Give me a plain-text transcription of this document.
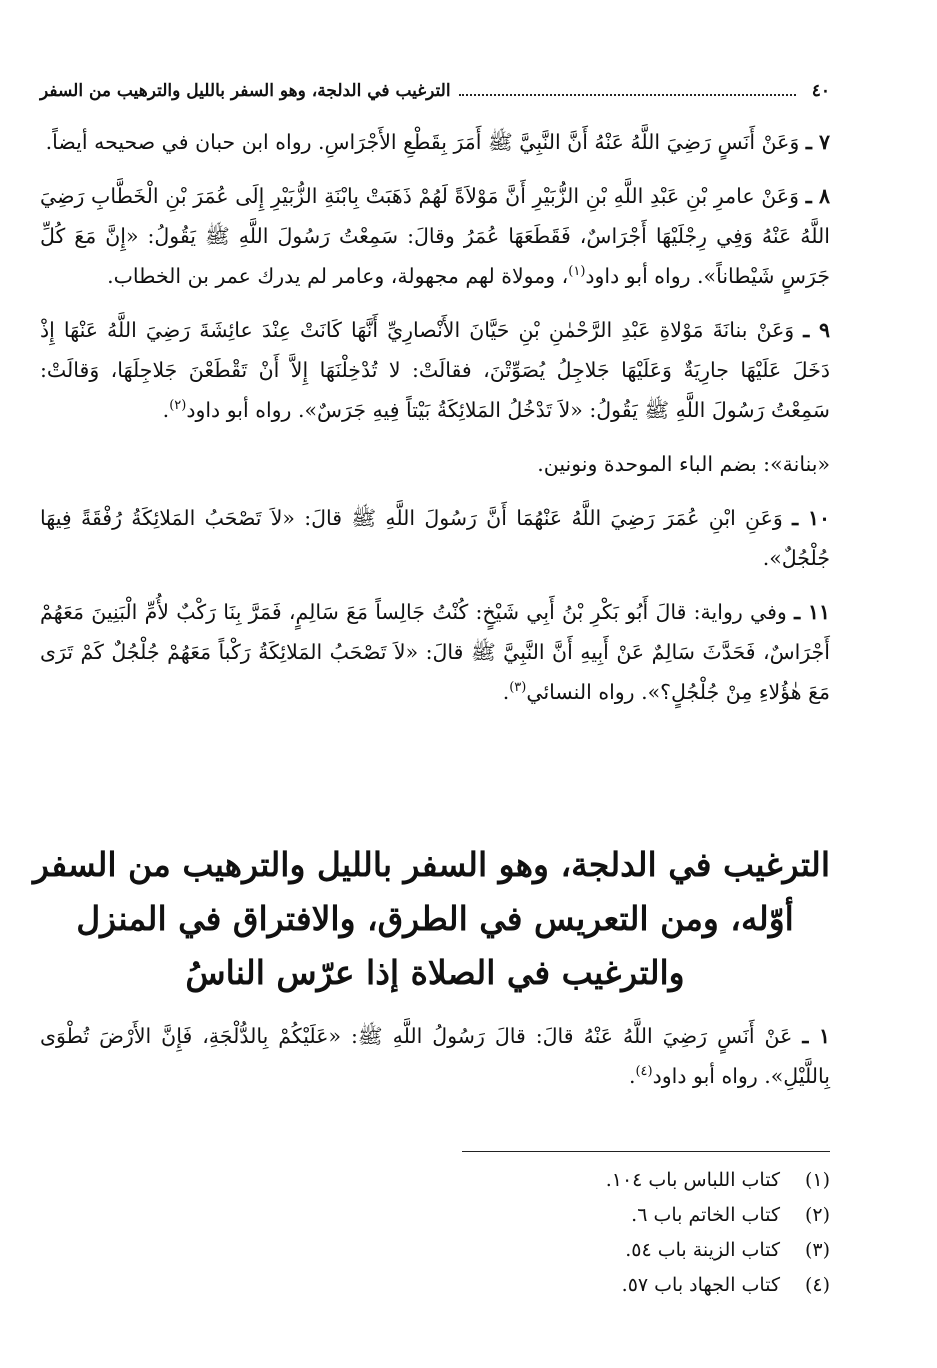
٤٠
الترغيب في الدلجة، وهو السفر بالليل والترهيب من السفر

٧ ـ وَعَنْ أَنَسٍ رَضِيَ اللَّهُ عَنْهُ أَنَّ النَّبِيَّ ﷺ أَمَرَ بِقَطْعِ الأَجْرَاسِ. رواه ابن حبان في صحيحه أيضاً.

٨ ـ وَعَنْ عامرِ بْنِ عَبْدِ اللَّهِ بْنِ الزُّبَيْرِ أَنَّ مَوْلاَةً لَهُمْ ذَهَبَتْ بِابْنَةِ الزُّبَيْرِ إِلَى عُمَرَ بْنِ الْخَطَّابِ رَضِيَ اللَّهُ عَنْهُ وَفِي رِجْلَيْهَا أَجْرَاسٌ، فَقَطَعَهَا عُمَرُ وقالَ: سَمِعْتُ رَسُولَ اللَّهِ ﷺ يَقُولُ: «إِنَّ مَعَ كُلِّ جَرَسٍ شَيْطاناً». رواه أبو داود$^{(١)}$، ومولاة لهم مجهولة، وعامر لم يدرك عمر بن الخطاب.

٩ ـ وَعَنْ بنانَةَ مَوْلاةِ عَبْدِ الرَّحْمٰنِ بْنِ حَيَّانَ الأَنْصارِيِّ أَنَّهَا كَانَتْ عِنْدَ عائِشَةَ رَضِيَ اللَّهُ عَنْهَا إِذْ دَخَلَ عَلَيْهَا جارِيَةٌ وَعَلَيْهَا جَلاجِلُ يُصَوِّتْنَ، فقالَتْ: لا تُدْخِلْنَهَا إِلاَّ أَنْ تَقْطَعْنَ جَلاجِلَهَا، وَقالَتْ: سَمِعْتُ رَسُولَ اللَّهِ ﷺ يَقُولُ: «لاَ تَدْخُلُ المَلائِكَةُ بَيْتاً فِيهِ جَرَسٌ». رواه أبو داود$^{(٢)}$.

«بنانة»: بضم الباء الموحدة ونونين.

١٠ ـ وَعَنِ ابْنِ عُمَرَ رَضِيَ اللَّهُ عَنْهُمَا أَنَّ رَسُولَ اللَّهِ ﷺ قالَ: «لاَ تَصْحَبُ المَلائِكَةُ رُفْقَةً فِيهَا جُلْجُلٌ».

١١ ـ وفي رواية: قالَ أَبُو بَكْرِ بْنُ أَبِي شَيْخٍ: كُنْتُ جَالِساً مَعَ سَالِمٍ، فَمَرَّ بِنَا رَكْبٌ لأُمِّ الْبَنِينَ مَعَهُمْ أَجْرَاسٌ، فَحَدَّثَ سَالِمٌ عَنْ أَبِيهِ أَنَّ النَّبِيَّ ﷺ قالَ: «لاَ تَصْحَبُ المَلائِكَةُ رَكْباً مَعَهُمْ جُلْجُلٌ كَمْ تَرَى مَعَ هٰؤُلاءِ مِنْ جُلْجُلٍ؟». رواه النسائي$^{(٣)}$.

الترغيب في الدلجة، وهو السفر بالليل والترهيب من السفر
أوّله، ومن التعريس في الطرق، والافتراق في المنزل
والترغيب في الصلاة إذا عرّس الناسُ

١ ـ عَنْ أَنَسٍ رَضِيَ اللَّهُ عَنْهُ قالَ: قالَ رَسُولُ اللَّهِ ﷺ: «عَلَيْكُمْ بِالدُّلْجَةِ، فَإِنَّ الأَرْضَ تُطْوَى بِاللَّيْلِ». رواه أبو داود$^{(٤)}$.

(١)
كتاب اللباس باب ١٠٤.
(٢)
كتاب الخاتم باب ٦.
(٣)
كتاب الزينة باب ٥٤.
(٤)
كتاب الجهاد باب ٥٧.
